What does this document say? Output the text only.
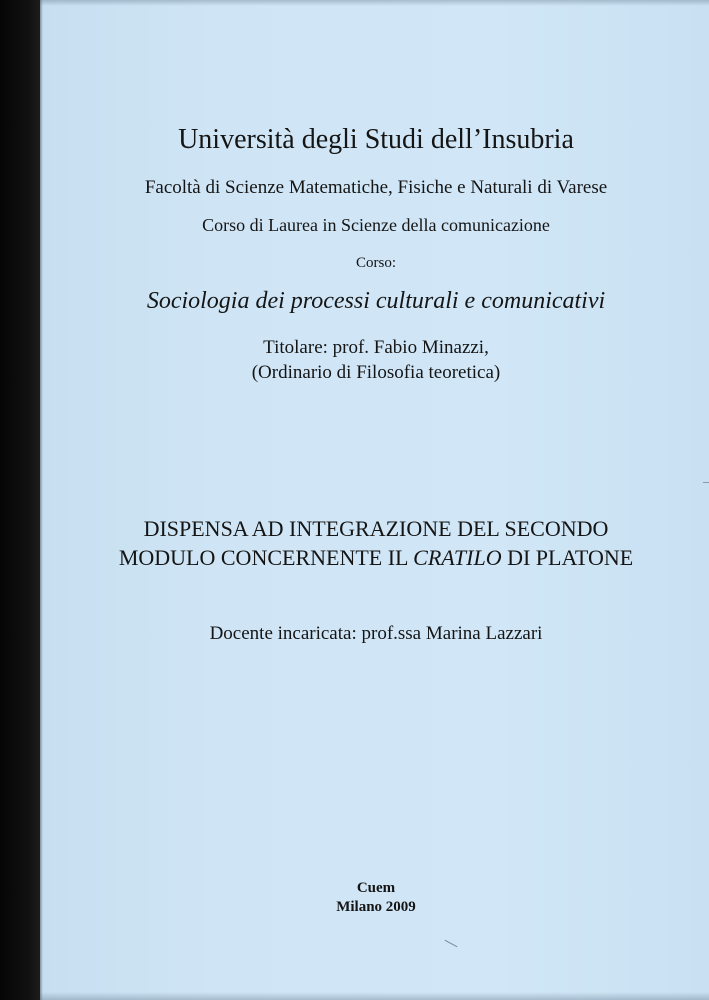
Università degli Studi dell’Insubria

Facoltà di Scienze Matematiche, Fisiche e Naturali di Varese

Corso di Laurea in Scienze della comunicazione

Corso:

Sociologia dei processi culturali e comunicativi

Titolare: prof. Fabio Minazzi,

(Ordinario di Filosofia teoretica)

DISPENSA AD INTEGRAZIONE DEL SECONDO

MODULO CONCERNENTE IL CRATILO DI PLATONE

Docente incaricata: prof.ssa Marina Lazzari

Cuem

Milano 2009
